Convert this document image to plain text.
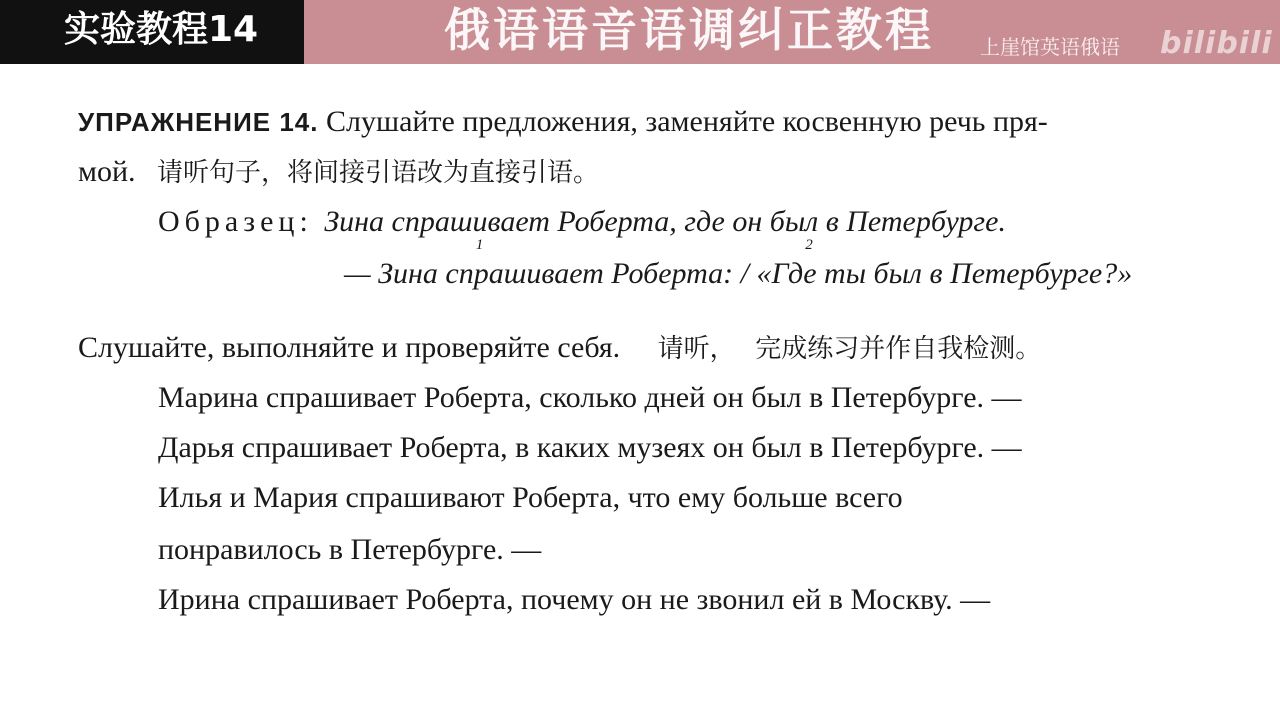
实验教程14	俄语语音语调纠正教程 上崖馆英语俄语 bilibili
УПРАЖНЕНИЕ 14. Слушайте предложения, заменяйте косвенную речь пря-
мой. 请听句子，将间接引语改为直接引语。
Образец: Зина спрашивает Роберта, где он был в Петербурге.
— Зина сп
1
рашивает Роберта: / «Гд
2
е ты был в Петербурге?»
Слушайте, выполняйте и проверяйте себя. 请听， 完成练习并作自我检测。
Марина спрашивает Роберта, сколько дней он был в Петербурге. —
Дарья спрашивает Роберта, в каких музеях он был в Петербурге. —
Илья и Мария спрашивают Роберта, что ему больше всего
понравилось в Петербурге. —
Ирина спрашивает Роберта, почему он не звонил ей в Москву. —
